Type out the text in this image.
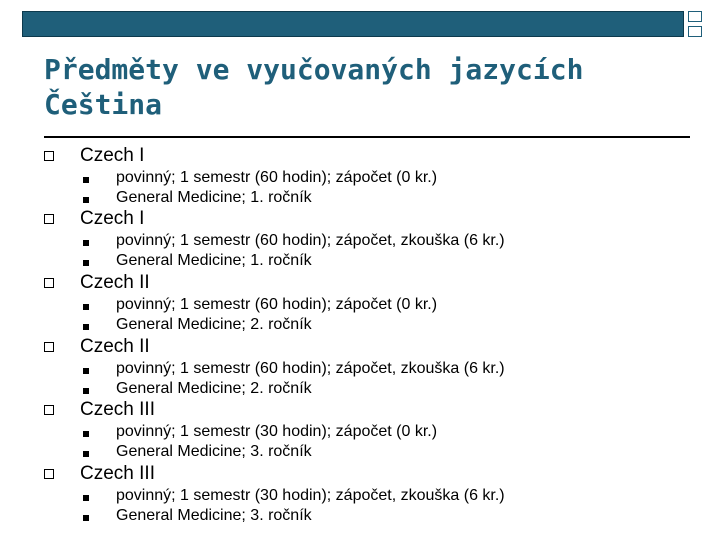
Předměty ve vyučovaných jazycích
Čeština
Czech I
povinný; 1 semestr (60 hodin); zápočet (0 kr.)
General Medicine; 1. ročník
Czech I
povinný; 1 semestr (60 hodin); zápočet, zkouška (6 kr.)
General Medicine; 1. ročník
Czech II
povinný; 1 semestr (60 hodin); zápočet (0 kr.)
General Medicine; 2. ročník
Czech II
povinný; 1 semestr (60 hodin); zápočet, zkouška (6 kr.)
General Medicine; 2. ročník
Czech III
povinný; 1 semestr (30 hodin); zápočet (0 kr.)
General Medicine; 3. ročník
Czech III
povinný; 1 semestr (30 hodin); zápočet, zkouška (6 kr.)
General Medicine; 3. ročník
